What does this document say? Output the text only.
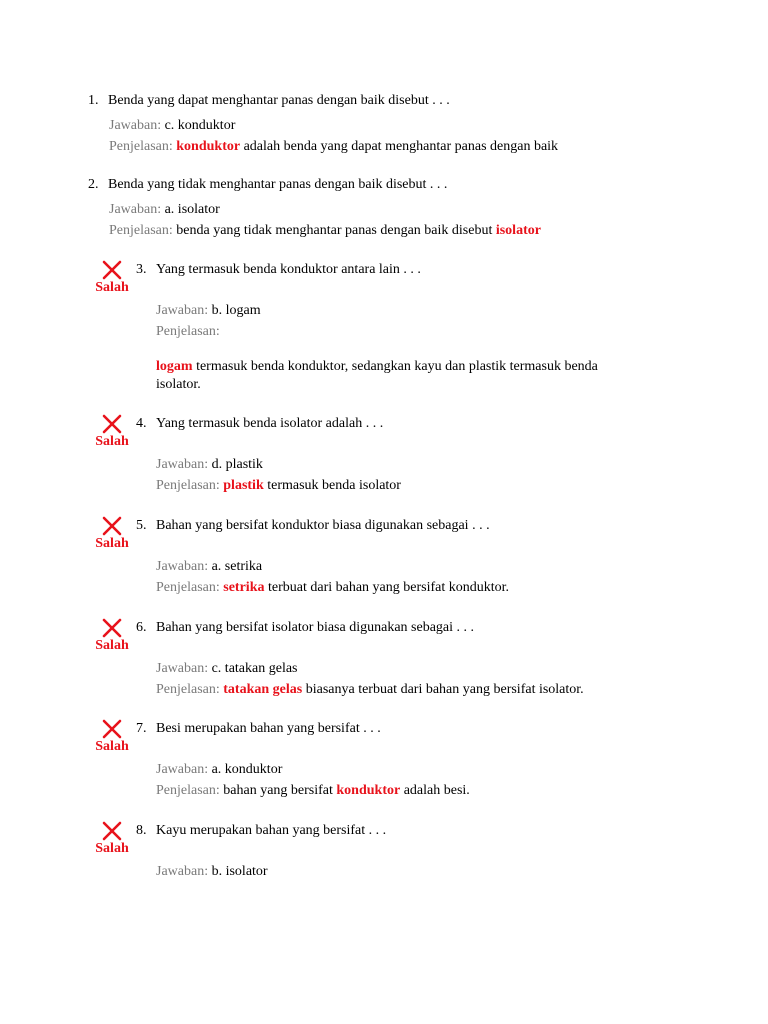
1. Benda yang dapat menghantar panas dengan baik disebut . . .
Jawaban: c. konduktor
Penjelasan: konduktor adalah benda yang dapat menghantar panas dengan baik
2. Benda yang tidak menghantar panas dengan baik disebut . . .
Jawaban: a. isolator
Penjelasan: benda yang tidak menghantar panas dengan baik disebut isolator
Salah
3. Yang termasuk benda konduktor antara lain . . .
Jawaban: b. logam
Penjelasan:
logam termasuk benda konduktor, sedangkan kayu dan plastik termasuk benda isolator.
Salah
4. Yang termasuk benda isolator adalah . . .
Jawaban: d. plastik
Penjelasan: plastik termasuk benda isolator
Salah
5. Bahan yang bersifat konduktor biasa digunakan sebagai . . .
Jawaban: a. setrika
Penjelasan: setrika terbuat dari bahan yang bersifat konduktor.
Salah
6. Bahan yang bersifat isolator biasa digunakan sebagai . . .
Jawaban: c. tatakan gelas
Penjelasan: tatakan gelas biasanya terbuat dari bahan yang bersifat isolator.
Salah
7. Besi merupakan bahan yang bersifat . . .
Jawaban: a. konduktor
Penjelasan: bahan yang bersifat konduktor adalah besi.
Salah
8. Kayu merupakan bahan yang bersifat . . .
Jawaban: b. isolator
